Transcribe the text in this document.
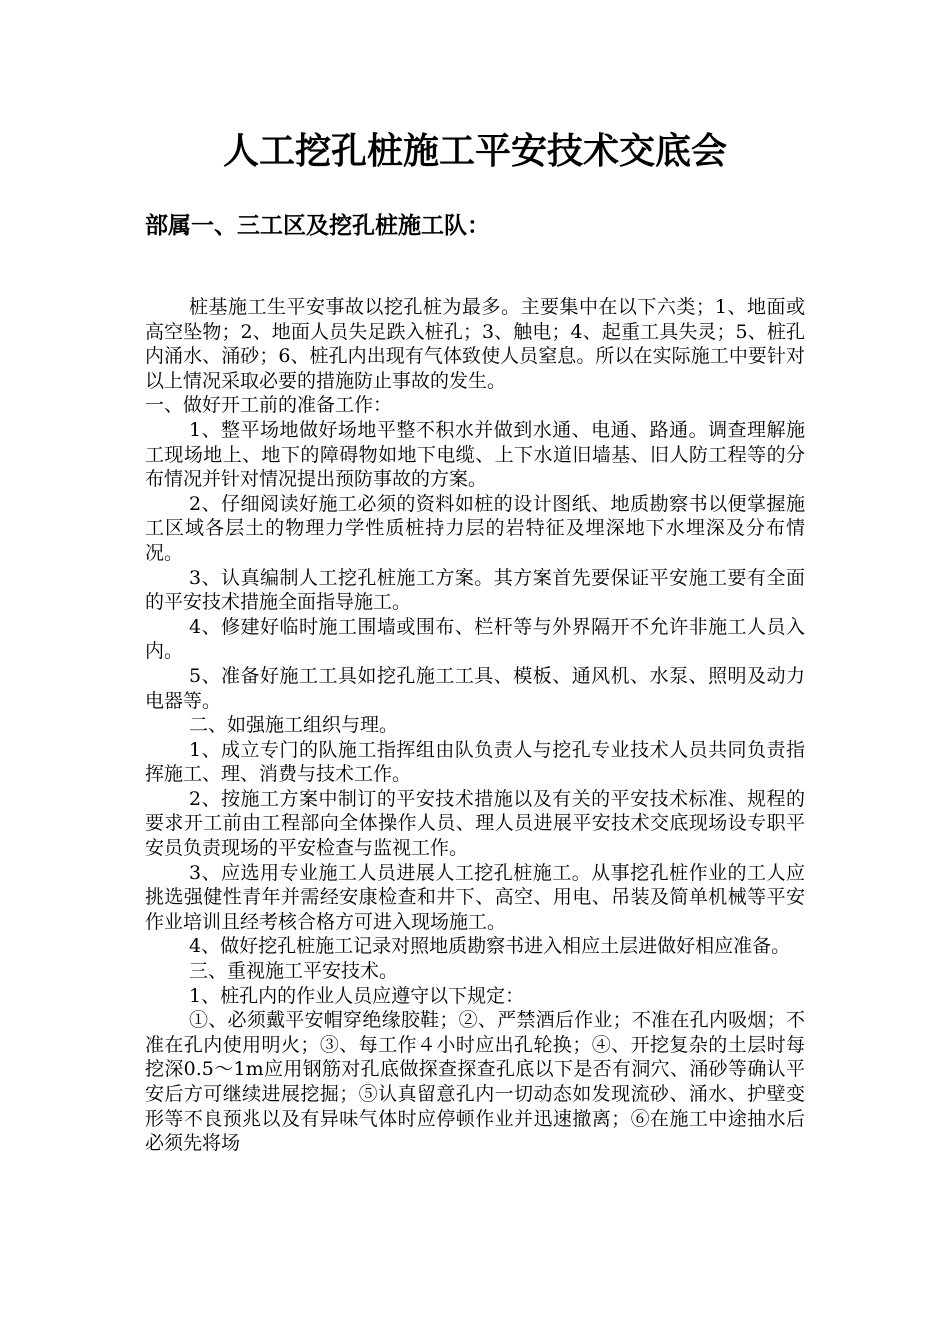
人工挖孔桩施工平安技术交底会
部属一、三工区及挖孔桩施工队：

桩基施工生平安事故以挖孔桩为最多。主要集中在以下六类；1、地面或高空坠物；2、地面人员失足跌入桩孔；3、触电；4、起重工具失灵；5、桩孔内涌水、涌砂；6、桩孔内出现有气体致使人员窒息。所以在实际施工中要针对以上情况采取必要的措施防止事故的发生。

一、做好开工前的准备工作：

1、整平场地做好场地平整不积水并做到水通、电通、路通。调查理解施工现场地上、地下的障碍物如地下电缆、上下水道旧墙基、旧人防工程等的分布情况并针对情况提出预防事故的方案。

2、仔细阅读好施工必须的资料如桩的设计图纸、地质勘察书以便掌握施工区域各层土的物理力学性质桩持力层的岩特征及埋深地下水埋深及分布情况。

3、认真编制人工挖孔桩施工方案。其方案首先要保证平安施工要有全面的平安技术措施全面指导施工。

4、修建好临时施工围墙或围布、栏杆等与外界隔开不允许非施工人员入内。

5、准备好施工工具如挖孔施工工具、模板、通风机、水泵、照明及动力电器等。

二、如强施工组织与理。

1、成立专门的队施工指挥组由队负责人与挖孔专业技术人员共同负责指挥施工、理、消费与技术工作。

2、按施工方案中制订的平安技术措施以及有关的平安技术标准、规程的要求开工前由工程部向全体操作人员、理人员进展平安技术交底现场设专职平安员负责现场的平安检查与监视工作。

3、应选用专业施工人员进展人工挖孔桩施工。从事挖孔桩作业的工人应挑选强健性青年并需经安康检查和井下、高空、用电、吊装及简单机械等平安作业培训且经考核合格方可进入现场施工。

4、做好挖孔桩施工记录对照地质勘察书进入相应土层进做好相应准备。

三、重视施工平安技术。

1、桩孔内的作业人员应遵守以下规定：

①、必须戴平安帽穿绝缘胶鞋；②、严禁酒后作业；不准在孔内吸烟；不准在孔内使用明火；③、每工作４小时应出孔轮换；④、开挖复杂的土层时每挖深0.5～1m应用钢筋对孔底做探查探查孔底以下是否有洞穴、涌砂等确认平安后方可继续进展挖掘；⑤认真留意孔内一切动态如发现流砂、涌水、护壁变形等不良预兆以及有异味气体时应停顿作业并迅速撤离；⑥在施工中途抽水后必须先将场
